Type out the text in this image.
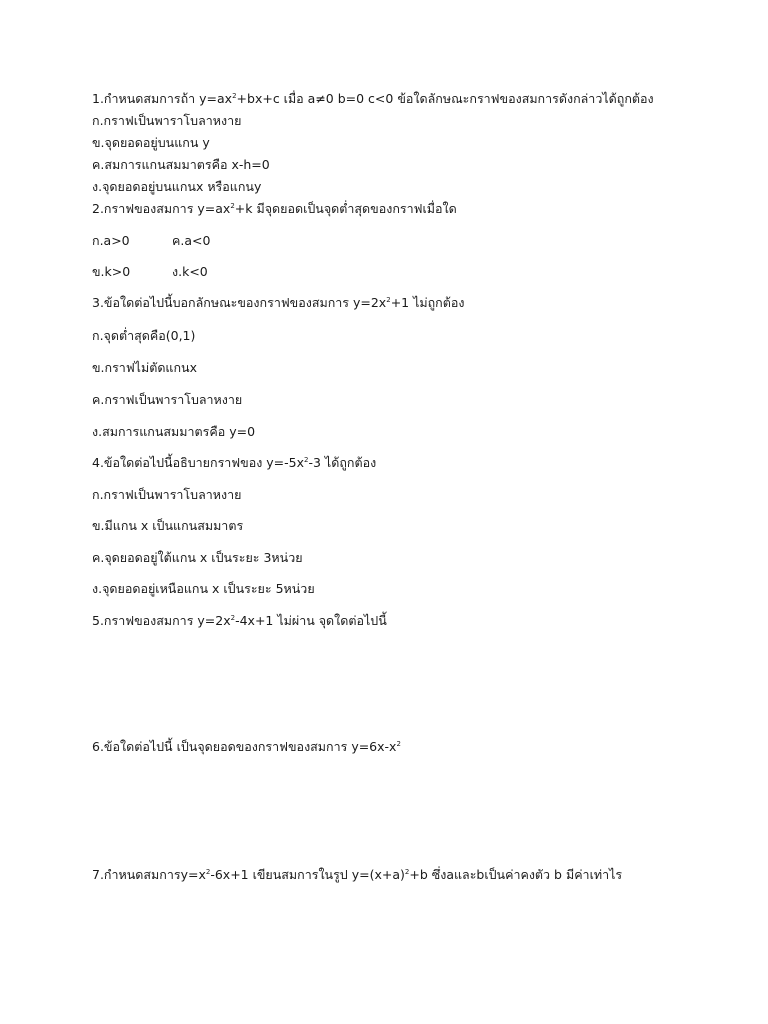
1.กำหนดสมการถ้า $y=ax^2+bx+c$ เมื่อ a≠0 b=0 c<0 ข้อใดลักษณะกราฟของสมการดังกล่าวได้ถูกต้อง
ก.กราฟเป็นพาราโบลาหงาย
ข.จุดยอดอยู่บนแกน y
ค.สมการแกนสมมาตรคือ x-h=0
ง.จุดยอดอยู่บนแกนx หรือแกนy
2.กราฟของสมการ $y=ax^2+k$ มีจุดยอดเป็นจุดต่ำสุดของกราฟเมื่อใด
ก.a>0	ค.a<0
ข.k>0	ง.k<0
3.ข้อใดต่อไปนี้บอกลักษณะของกราฟของสมการ $y=2x^2+1$ ไม่ถูกต้อง
ก.จุดต่ำสุดคือ(0,1)
ข.กราฟไม่ตัดแกนx
ค.กราฟเป็นพาราโบลาหงาย
ง.สมการแกนสมมาตรคือ y=0
4.ข้อใดต่อไปนี้อธิบายกราฟของ $y=-5x^2-3$ ได้ถูกต้อง
ก.กราฟเป็นพาราโบลาหงาย
ข.มีแกน x เป็นแกนสมมาตร
ค.จุดยอดอยู่ใต้แกน x เป็นระยะ 3หน่วย
ง.จุดยอดอยู่เหนือแกน x เป็นระยะ 5หน่วย
5.กราฟของสมการ $y=2x^2-4x+1$ ไม่ผ่าน จุดใดต่อไปนี้
6.ข้อใดต่อไปนี้ เป็นจุดยอดของกราฟของสมการ $y=6x-x^2$
7.กำหนดสมการ$y=x^2-6x+1$ เขียนสมการในรูป $y=(x+a)^2+b$ ซึ่งaและbเป็นค่าคงตัว b มีค่าเท่าไร
